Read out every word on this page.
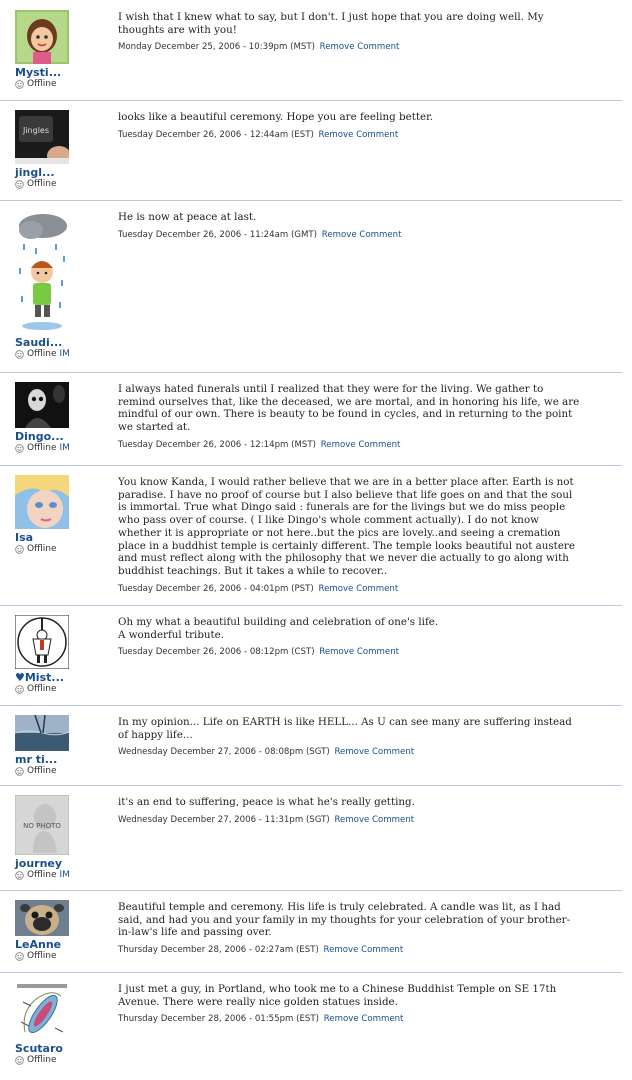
Mysti...
Offline

I wish that I knew what to say, but I don't. I just hope that you are doing well. My thoughts are with you!

Monday December 25, 2006 - 10:39pm (MST) Remove Comment
Jingles
jingl...
Offline

looks like a beautiful ceremony. Hope you are feeling better.

Tuesday December 26, 2006 - 12:44am (EST) Remove Comment
Saudi...
Offline IM

He is now at peace at last.

Tuesday December 26, 2006 - 11:24am (GMT) Remove Comment
Dingo...
Offline IM

I always hated funerals until I realized that they were for the living. We gather to remind ourselves that, like the deceased, we are mortal, and in honoring his life, we are mindful of our own. There is beauty to be found in cycles, and in returning to the point we started at.

Tuesday December 26, 2006 - 12:14pm (MST) Remove Comment
Isa
Offline

You know Kanda, I would rather believe that we are in a better place after. Earth is not paradise. I have no proof of course but I also believe that life goes on and that the soul is immortal. True what Dingo said : funerals are for the livings but we do miss people who pass over of course. ( I like Dingo's whole comment actually). I do not know whether it is appropriate or not here..but the pics are lovely..and seeing a cremation place in a buddhist temple is certainly different. The temple looks beautiful not austere and must reflect along with the philosophy that we never die actually to go along with buddhist teachings. But it takes a while to recover..

Tuesday December 26, 2006 - 04:01pm (PST) Remove Comment
♥Mist...
Offline

Oh my what a beautiful building and celebration of one's life.
A wonderful tribute.

Tuesday December 26, 2006 - 08:12pm (CST) Remove Comment
mr ti...
Offline

In my opinion... Life on EARTH is like HELL... As U can see many are suffering instead of happy life...

Wednesday December 27, 2006 - 08:08pm (SGT) Remove Comment
NO PHOTO
journey
Offline IM

it's an end to suffering, peace is what he's really getting.

Wednesday December 27, 2006 - 11:31pm (SGT) Remove Comment
LeAnne
Offline

Beautiful temple and ceremony. His life is truly celebrated. A candle was lit, as I had said, and had you and your family in my thoughts for your celebration of your brother-in-law's life and passing over.

Thursday December 28, 2006 - 02:27am (EST) Remove Comment
Scutaro
Offline

I just met a guy, in Portland, who took me to a Chinese Buddhist Temple on SE 17th Avenue. There were really nice golden statues inside.

Thursday December 28, 2006 - 01:55pm (EST) Remove Comment
